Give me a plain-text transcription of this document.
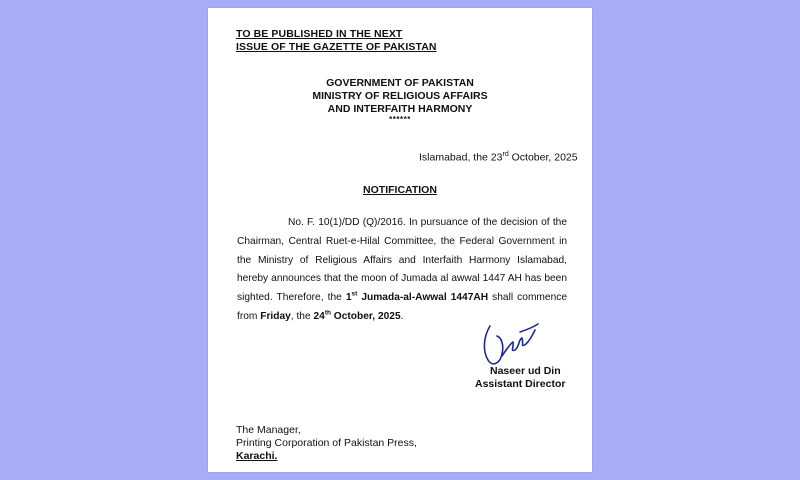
TO BE PUBLISHED IN THE NEXT
ISSUE OF THE GAZETTE OF PAKISTAN
GOVERNMENT OF PAKISTAN
MINISTRY OF RELIGIOUS AFFAIRS
AND INTERFAITH HARMONY
******
Islamabad, the 23rd October, 2025
NOTIFICATION
No. F. 10(1)/DD (Q)/2016. In pursuance of the decision of the Chairman, Central Ruet-e-Hilal Committee, the Federal Government in the Ministry of Religious Affairs and Interfaith Harmony Islamabad, hereby announces that the moon of Jumada al awwal 1447 AH has been sighted. Therefore, the 1st Jumada-al-Awwal 1447AH shall commence from Friday, the 24th October, 2025.
Naseer ud Din
Assistant Director
The Manager,
Printing Corporation of Pakistan Press,
Karachi.
